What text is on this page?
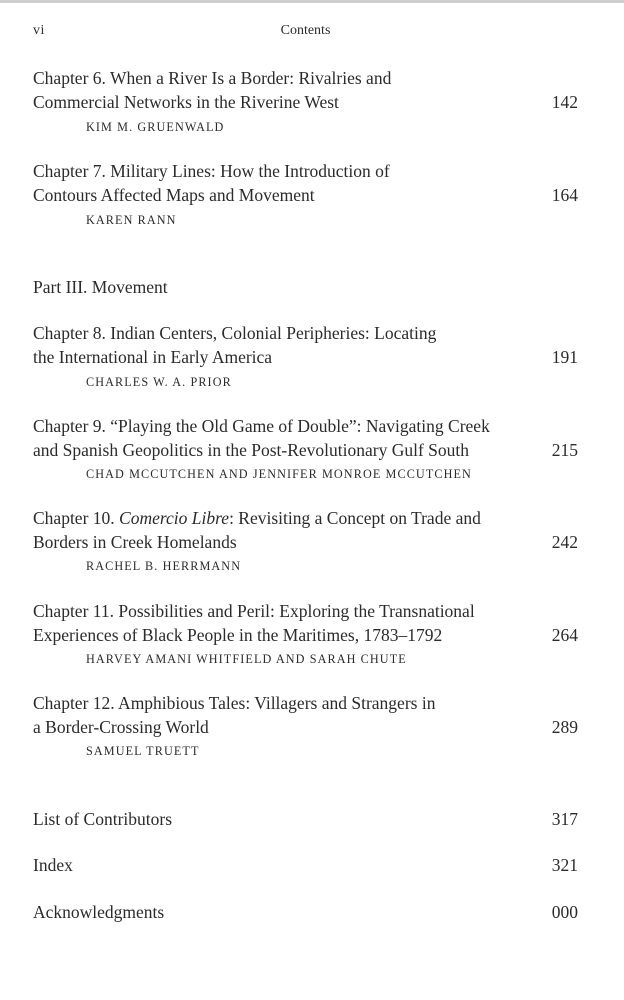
vi	Contents
Chapter 6. When a River Is a Border: Rivalries and
Commercial Networks in the Riverine West	142
KIM M. GRUENWALD
Chapter 7. Military Lines: How the Introduction of
Contours Affected Maps and Movement	164
KAREN RANN
Part III. Movement
Chapter 8. Indian Centers, Colonial Peripheries: Locating
the International in Early America	191
CHARLES W. A. PRIOR
Chapter 9. “Playing the Old Game of Double”: Navigating Creek
and Spanish Geopolitics in the Post-Revolutionary Gulf South	215
CHAD MCCUTCHEN AND JENNIFER MONROE MCCUTCHEN
Chapter 10. Comercio Libre: Revisiting a Concept on Trade and
Borders in Creek Homelands	242
RACHEL B. HERRMANN
Chapter 11. Possibilities and Peril: Exploring the Transnational
Experiences of Black People in the Maritimes, 1783–1792	264
HARVEY AMANI WHITFIELD AND SARAH CHUTE
Chapter 12. Amphibious Tales: Villagers and Strangers in
a Border-Crossing World	289
SAMUEL TRUETT
List of Contributors	317
Index	321
Acknowledgments	000
